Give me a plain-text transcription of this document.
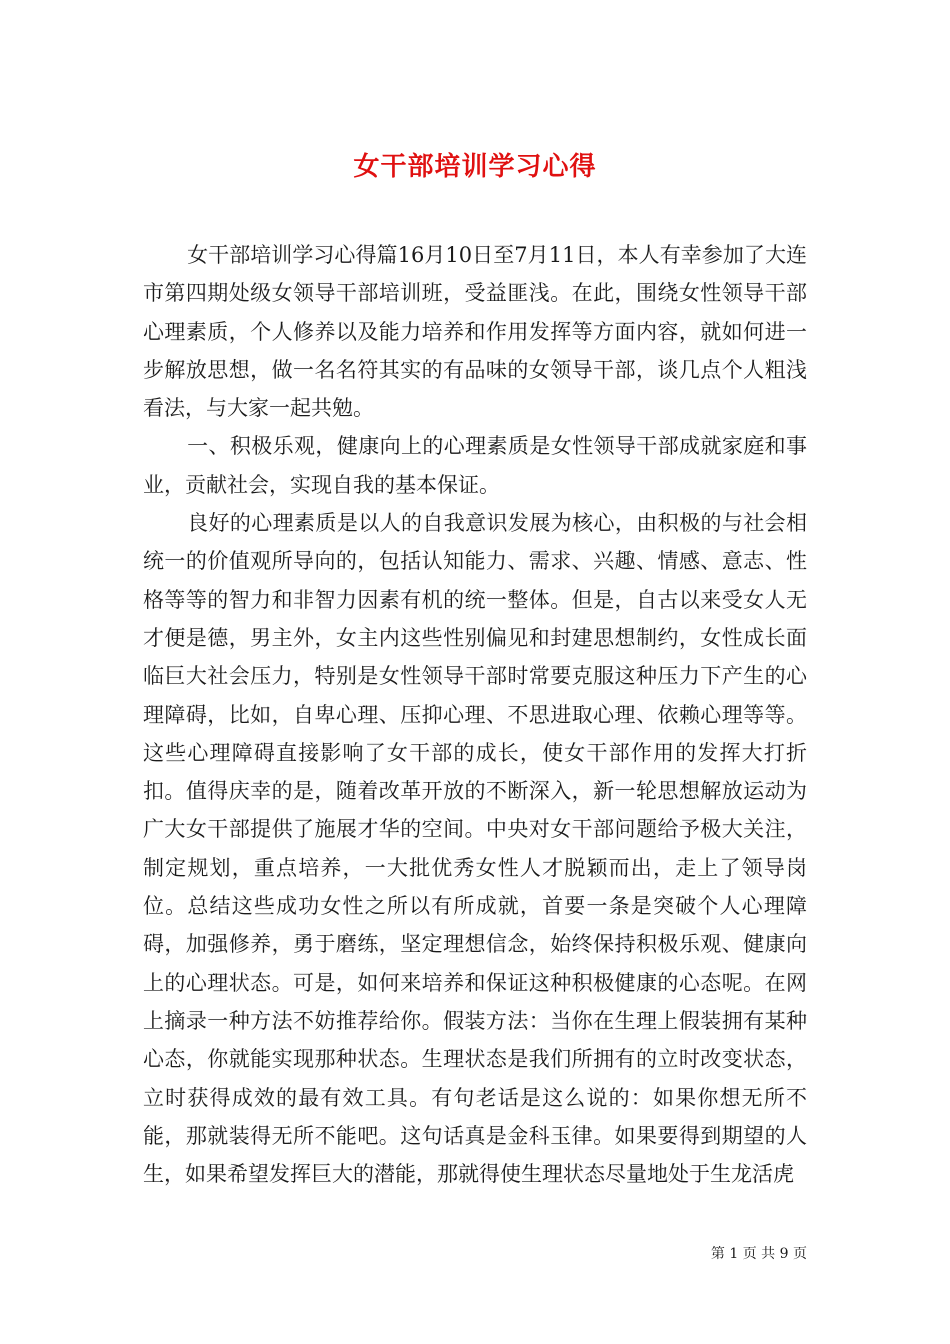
女干部培训学习心得

女干部培训学习心得篇16月10日至7月11日，本人有幸参加了大连市第四期处级女领导干部培训班，受益匪浅。在此，围绕女性领导干部心理素质，个人修养以及能力培养和作用发挥等方面内容，就如何进一步解放思想，做一名名符其实的有品味的女领导干部，谈几点个人粗浅看法，与大家一起共勉。

一、积极乐观，健康向上的心理素质是女性领导干部成就家庭和事业，贡献社会，实现自我的基本保证。

良好的心理素质是以人的自我意识发展为核心，由积极的与社会相统一的价值观所导向的，包括认知能力、需求、兴趣、情感、意志、性格等等的智力和非智力因素有机的统一整体。但是，自古以来受女人无才便是德，男主外，女主内这些性别偏见和封建思想制约，女性成长面临巨大社会压力，特别是女性领导干部时常要克服这种压力下产生的心理障碍，比如，自卑心理、压抑心理、不思进取心理、依赖心理等等。这些心理障碍直接影响了女干部的成长，使女干部作用的发挥大打折扣。值得庆幸的是，随着改革开放的不断深入，新一轮思想解放运动为广大女干部提供了施展才华的空间。中央对女干部问题给予极大关注，制定规划，重点培养，一大批优秀女性人才脱颖而出，走上了领导岗位。总结这些成功女性之所以有所成就，首要一条是突破个人心理障碍，加强修养，勇于磨练，坚定理想信念，始终保持积极乐观、健康向上的心理状态。可是，如何来培养和保证这种积极健康的心态呢。在网上摘录一种方法不妨推荐给你。假装方法：当你在生理上假装拥有某种心态，你就能实现那种状态。生理状态是我们所拥有的立时改变状态，立时获得成效的最有效工具。有句老话是这么说的：如果你想无所不能，那就装得无所不能吧。这句话真是金科玉律。如果要得到期望的人生，如果希望发挥巨大的潜能，那就得使生理状态尽量地处于生龙活虎

第 1 页 共 9 页
